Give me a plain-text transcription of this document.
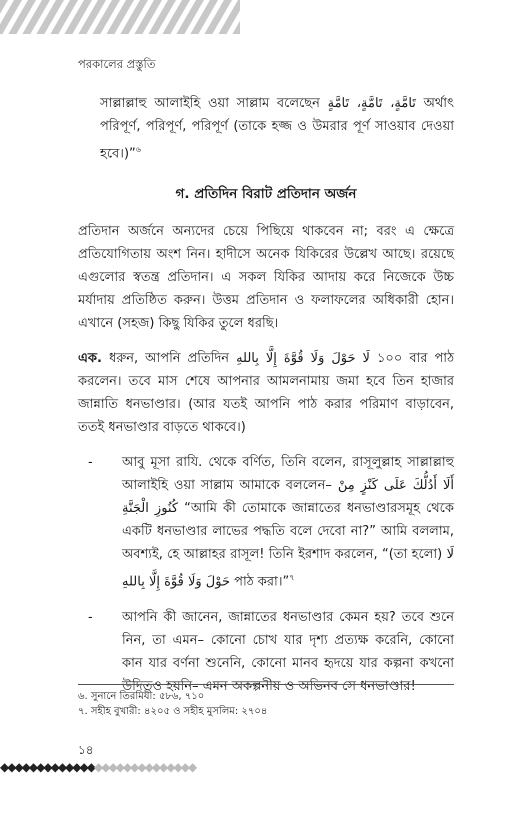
পরকালের প্রস্তুতি

সাল্লাল্লাহু আলাইহি ওয়া সাল্লাম বলেছেন تَامَّةٍ، تَامَّةٍ، تَامَّةٍ অর্থাৎ পরিপূর্ণ, পরিপূর্ণ, পরিপূর্ণ (তাকে হজ্জ ও উমরার পূর্ণ সাওয়াব দেওয়া হবে।)”$^৬$

গ. প্রতিদিন বিরাট প্রতিদান অর্জন

প্রতিদান অর্জনে অন্যদের চেয়ে পিছিয়ে থাকবেন না; বরং এ ক্ষেত্রে প্রতিযোগিতায় অংশ নিন। হাদীসে অনেক যিকিরের উল্লেখ আছে। রয়েছে এগুলোর স্বতন্ত্র প্রতিদান। এ সকল যিকির আদায় করে নিজেকে উচ্চ মর্যাদায় প্রতিষ্ঠিত করুন। উত্তম প্রতিদান ও ফলাফলের অধিকারী হোন। এখানে (সহজ) কিছু যিকির তুলে ধরছি।

এক. ধরুন, আপনি প্রতিদিন لَا حَوْلَ وَلَا قُوَّةَ إِلَّا بِاللهِ ১০০ বার পাঠ করলেন। তবে মাস শেষে আপনার আমলনামায় জমা হবে তিন হাজার জান্নাতি ধনভাণ্ডার। (আর যতই আপনি পাঠ করার পরিমাণ বাড়াবেন, ততই ধনভাণ্ডার বাড়তে থাকবে।)

- আবু মূসা রাযি. থেকে বর্ণিত, তিনি বলেন, রাসূলুল্লাহ সাল্লাল্লাহু আলাইহি ওয়া সাল্লাম আমাকে বললেন– أَلَا أَدُلُّكَ عَلَى كَنْزٍ مِنْ كُنُوزِ الْجَنَّةِ “আমি কী তোমাকে জান্নাতের ধনভাণ্ডারসমূহ থেকে একটি ধনভাণ্ডার লাভের পদ্ধতি বলে দেবো না?” আমি বললাম, অবশ্যই, হে আল্লাহর রাসূল! তিনি ইরশাদ করলেন, “(তা হলো) لَا حَوْلَ وَلَا قُوَّةَ إِلَّا بِاللهِ পাঠ করা।”$^৭$
- আপনি কী জানেন, জান্নাতের ধনভাণ্ডার কেমন হয়? তবে শুনে নিন, তা এমন– কোনো চোখ যার দৃশ্য প্রত্যক্ষ করেনি, কোনো কান যার বর্ণনা শুনেনি, কোনো মানব হৃদয়ে যার কল্পনা কখনো উদিতও হয়নি– এমন অকল্পনীয় ও অভিনব সে ধনভাণ্ডার!
৬. সুনানে তিরমিযী: ৫৮৬, ৭১০
৭. সহীহ বুখারী: ৪২০৫ ও সহীহ মুসলিম: ২৭০৪
১৪
◆◆◆◆◆◆◆◆◆◆◆◆◆◆◆◆◆◆◆◆◆◆◆◆◆◆◆
